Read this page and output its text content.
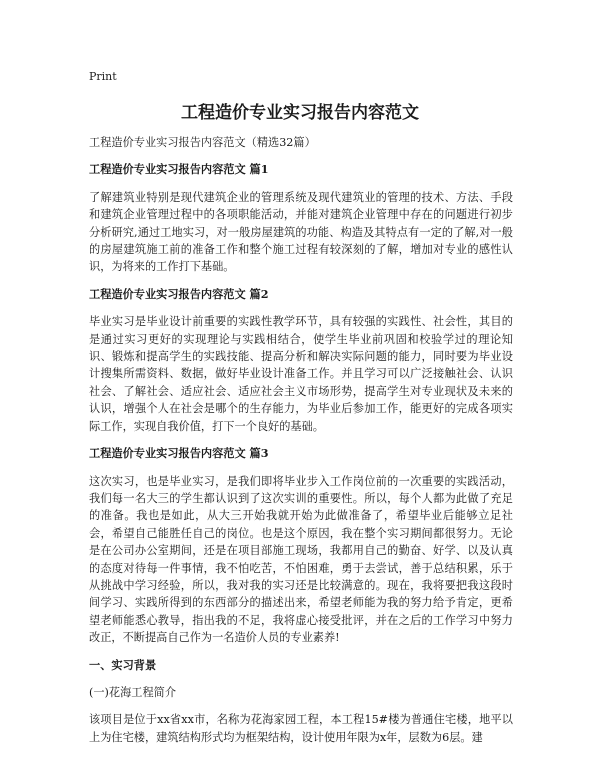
Print
工程造价专业实习报告内容范文

工程造价专业实习报告内容范文（精选32篇）

工程造价专业实习报告内容范文 篇1

了解建筑业特别是现代建筑企业的管理系统及现代建筑业的管理的技术、方法、手段和建筑企业管理过程中的各项职能活动，并能对建筑企业管理中存在的问题进行初步分析研究,通过工地实习，对一般房屋建筑的功能、构造及其特点有一定的了解,对一般的房屋建筑施工前的准备工作和整个施工过程有较深刻的了解，增加对专业的感性认识，为将来的工作打下基础。

工程造价专业实习报告内容范文 篇2

毕业实习是毕业设计前重要的实践性教学环节，具有较强的实践性、社会性，其目的是通过实习更好的实现理论与实践相结合，使学生毕业前巩固和校验学过的理论知识、锻炼和提高学生的实践技能、提高分析和解决实际问题的能力，同时要为毕业设计搜集所需资料、数据，做好毕业设计准备工作。并且学习可以广泛接触社会、认识社会、了解社会、适应社会、适应社会主义市场形势，提高学生对专业现状及未来的认识，增强个人在社会是哪个的生存能力，为毕业后参加工作，能更好的完成各项实际工作，实现自我价值，打下一个良好的基础。

工程造价专业实习报告内容范文 篇3

这次实习，也是毕业实习，是我们即将毕业步入工作岗位前的一次重要的实践活动，我们每一名大三的学生都认识到了这次实训的重要性。所以，每个人都为此做了充足的准备。我也是如此，从大三开始我就开始为此做准备了，希望毕业后能够立足社会，希望自己能胜任自己的岗位。也是这个原因，我在整个实习期间都很努力。无论是在公司办公室期间，还是在项目部施工现场，我都用自己的勤奋、好学、以及认真的态度对待每一件事情，我不怕吃苦，不怕困难，勇于去尝试，善于总结积累，乐于从挑战中学习经验，所以，我对我的实习还是比较满意的。现在，我将要把我这段时间学习、实践所得到的东西部分的描述出来，希望老师能为我的努力给予肯定，更希望老师能悉心教导，指出我的不足，我将虚心接受批评，并在之后的工作学习中努力改正，不断提高自己作为一名造价人员的专业素养!

一、实习背景

(一)花海工程简介

该项目是位于xx省xx市，名称为花海家园工程，本工程15#楼为普通住宅楼，地平以上为住宅楼，建筑结构形式均为框架结构，设计使用年限为x年，层数为6层。建
